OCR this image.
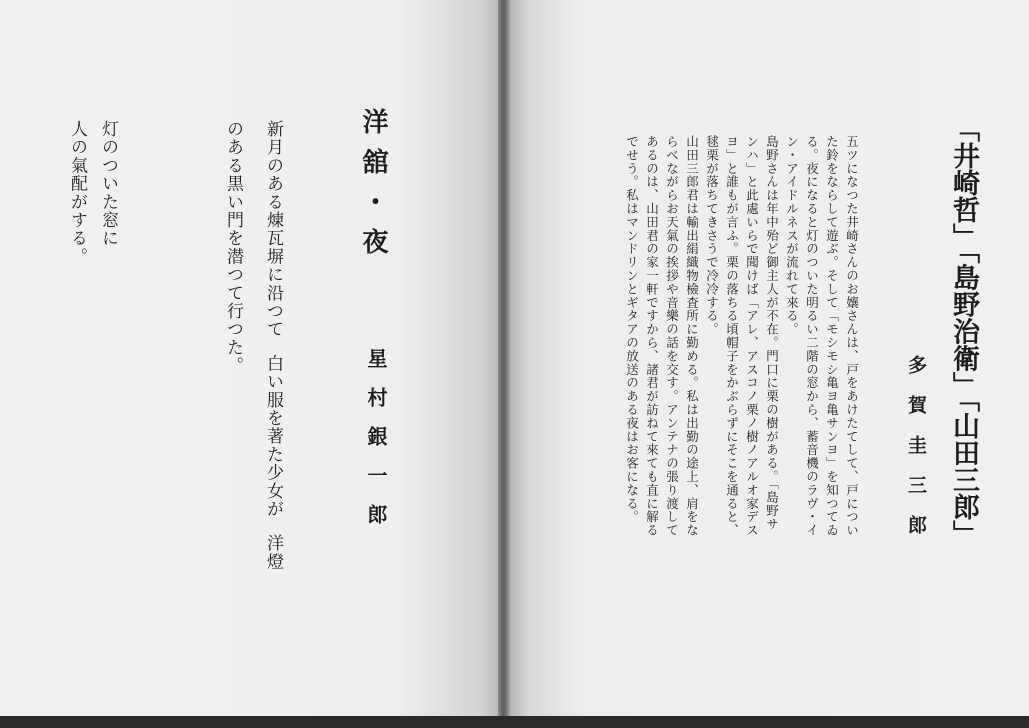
洋舘・夜
星村銀一郎
新月のある煉瓦塀に沿つて白い服を著た少女が洋燈
のある黒い門を潜つて行つた。
灯のついた窓に
人の氣配がする。	「井崎哲」「島野治衛」「山田三郎」
多賀圭三郎
五ツになつた井崎さんのお孃さんは、戸をあけたてして、戸につい
た鈴をならして遊ぶ。そして「モシモシ亀ヨ亀サンヨ」を知つてゐ
る。夜になると灯のついた明るい二階の窓から、蓄音機のラヴ・イ
ン・アイドルネスが流れて來る。
島野さんは年中殆ど御主人が不在。門口に栗の樹がある。「島野サ
ンハ」と此處いらで聞けば「アレ、アスコノ栗ノ樹ノアルオ家デス
ヨ」と誰もが言ふ。栗の落ちる頃帽子をかぶらずにそこを通ると、
毬栗が落ちてきさうで冷冷する。
山田三郎君は輸出絹織物檢査所に勤める。私は出勤の途上、肩をな
らべながらお天氣の挨拶や音樂の話を交す。アンテナの張り渡して
あるのは、山田君の家一軒ですから、諸君が訪ねて來ても直に解る
でせう。私はマンドリンとギタアの放送のある夜はお客になる。
